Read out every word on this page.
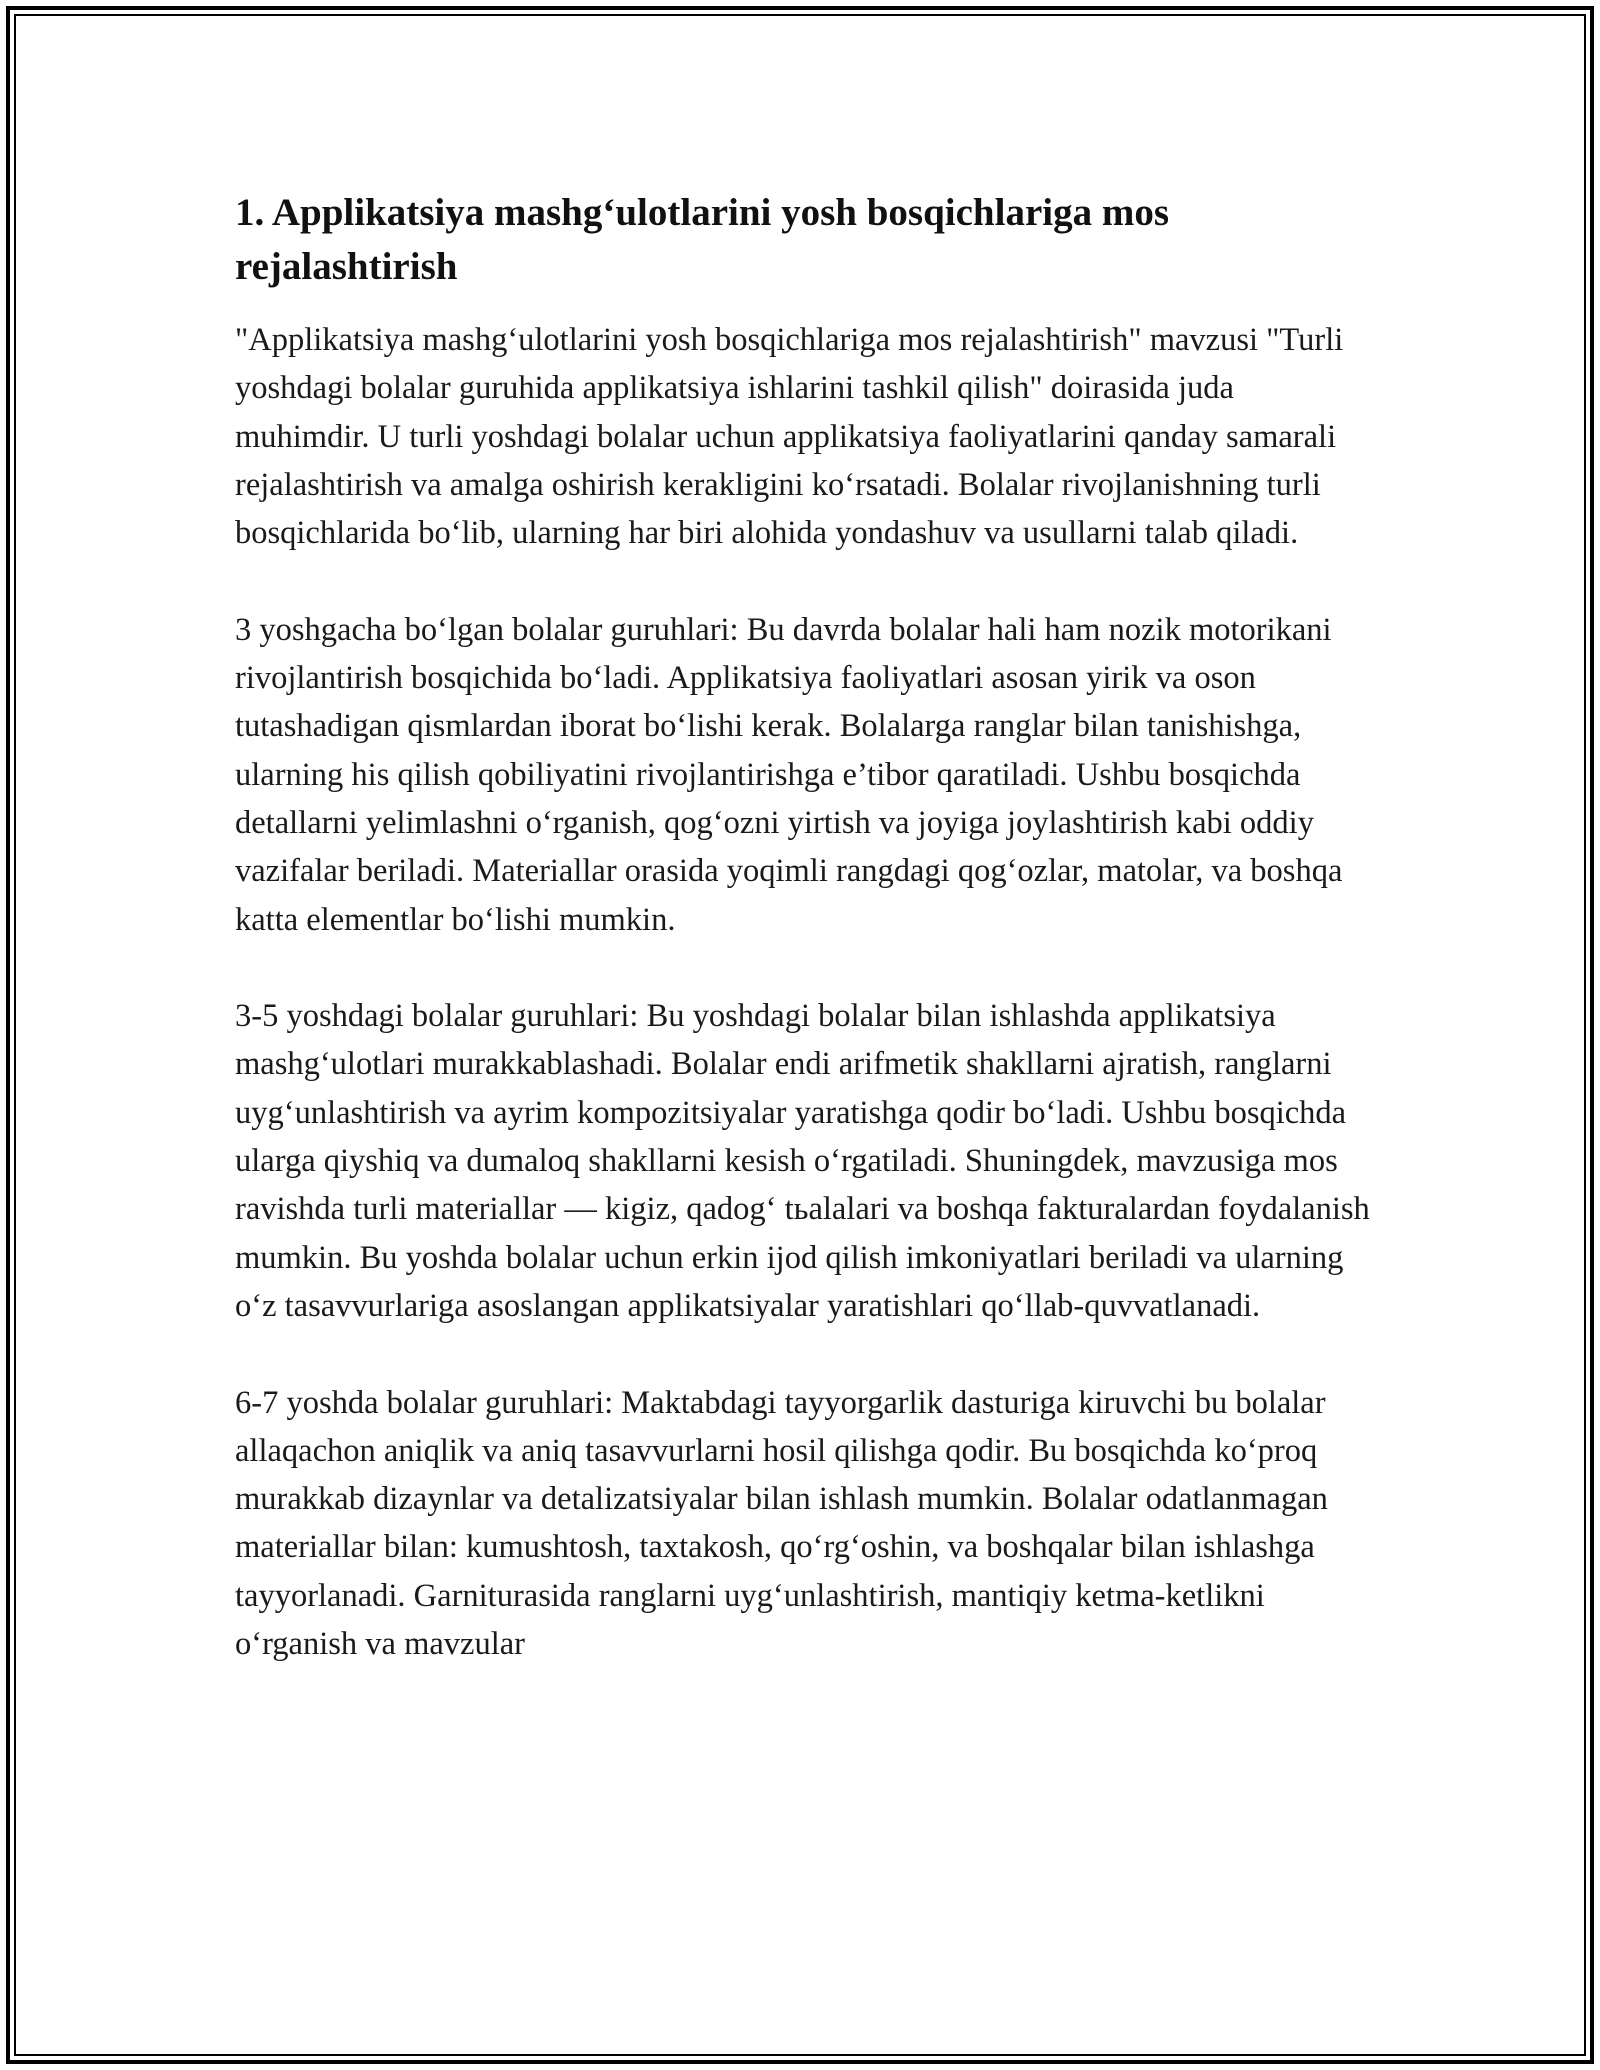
1. Applikatsiya mashg‘ulotlarini yosh bosqichlariga mos rejalashtirish

"Applikatsiya mashg‘ulotlarini yosh bosqichlariga mos rejalashtirish" mavzusi "Turli yoshdagi bolalar guruhida applikatsiya ishlarini tashkil qilish" doirasida juda muhimdir. U turli yoshdagi bolalar uchun applikatsiya faoliyatlarini qanday samarali rejalashtirish va amalga oshirish kerakligini ko‘rsatadi. Bolalar rivojlanishning turli bosqichlarida bo‘lib, ularning har biri alohida yondashuv va usullarni talab qiladi.

3 yoshgacha bo‘lgan bolalar guruhlari: Bu davrda bolalar hali ham nozik motorikani rivojlantirish bosqichida bo‘ladi. Applikatsiya faoliyatlari asosan yirik va oson tutashadigan qismlardan iborat bo‘lishi kerak. Bolalarga ranglar bilan tanishishga, ularning his qilish qobiliyatini rivojlantirishga e’tibor qaratiladi. Ushbu bosqichda detallarni yelimlashni o‘rganish, qog‘ozni yirtish va joyiga joylashtirish kabi oddiy vazifalar beriladi. Materiallar orasida yoqimli rangdagi qog‘ozlar, matolar, va boshqa katta elementlar bo‘lishi mumkin.

3-5 yoshdagi bolalar guruhlari: Bu yoshdagi bolalar bilan ishlashda applikatsiya mashg‘ulotlari murakkablashadi. Bolalar endi arifmetik shakllarni ajratish, ranglarni uyg‘unlashtirish va ayrim kompozitsiyalar yaratishga qodir bo‘ladi. Ushbu bosqichda ularga qiyshiq va dumaloq shakllarni kesish o‘rgatiladi. Shuningdek, mavzusiga mos ravishda turli materiallar — kigiz, qadog‘ tьalalari va boshqa fakturalardan foydalanish mumkin. Bu yoshda bolalar uchun erkin ijod qilish imkoniyatlari beriladi va ularning o‘z tasavvurlariga asoslangan applikatsiyalar yaratishlari qo‘llab-quvvatlanadi.

6-7 yoshda bolalar guruhlari: Maktabdagi tayyorgarlik dasturiga kiruvchi bu bolalar allaqachon aniqlik va aniq tasavvurlarni hosil qilishga qodir. Bu bosqichda ko‘proq murakkab dizaynlar va detalizatsiyalar bilan ishlash mumkin. Bolalar odatlanmagan materiallar bilan: kumushtosh, taxtakosh, qo‘rg‘oshin, va boshqalar bilan ishlashga tayyorlanadi. Garniturasida ranglarni uyg‘unlashtirish, mantiqiy ketma-ketlikni o‘rganish va mavzular
